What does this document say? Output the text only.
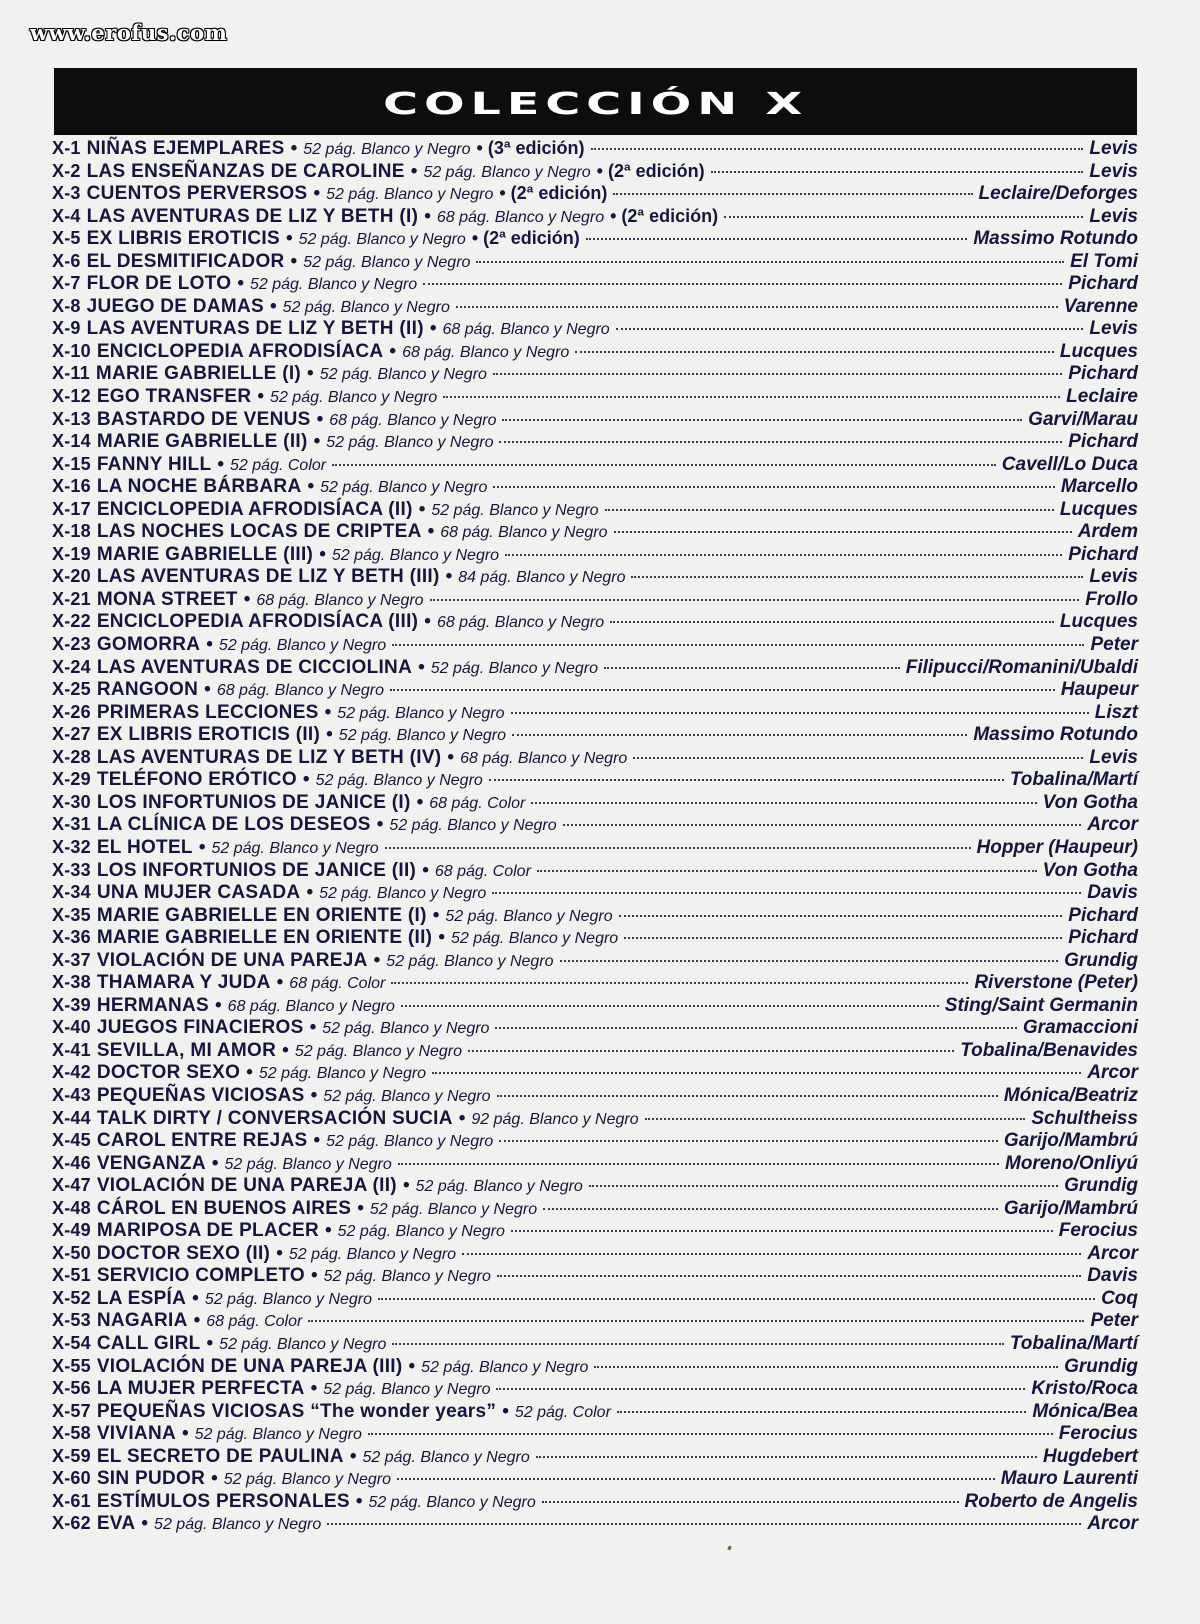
www.erofus.com
COLECCIÓN X
X-1 NIÑAS EJEMPLARES • 52 pág. Blanco y Negro • (3ª edición)	Levis
X-2 LAS ENSEÑANZAS DE CAROLINE • 52 pág. Blanco y Negro • (2ª edición)	Levis
X-3 CUENTOS PERVERSOS • 52 pág. Blanco y Negro • (2ª edición)	Leclaire/Deforges
X-4 LAS AVENTURAS DE LIZ Y BETH (I) • 68 pág. Blanco y Negro • (2ª edición)	Levis
X-5 EX LIBRIS EROTICIS • 52 pág. Blanco y Negro • (2ª edición)	Massimo Rotundo
X-6 EL DESMITIFICADOR • 52 pág. Blanco y Negro	El Tomi
X-7 FLOR DE LOTO • 52 pág. Blanco y Negro	Pichard
X-8 JUEGO DE DAMAS • 52 pág. Blanco y Negro	Varenne
X-9 LAS AVENTURAS DE LIZ Y BETH (II) • 68 pág. Blanco y Negro	Levis
X-10 ENCICLOPEDIA AFRODISÍACA • 68 pág. Blanco y Negro	Lucques
X-11 MARIE GABRIELLE (I) • 52 pág. Blanco y Negro	Pichard
X-12 EGO TRANSFER • 52 pág. Blanco y Negro	Leclaire
X-13 BASTARDO DE VENUS • 68 pág. Blanco y Negro	Garvi/Marau
X-14 MARIE GABRIELLE (II) • 52 pág. Blanco y Negro	Pichard
X-15 FANNY HILL • 52 pág. Color	Cavell/Lo Duca
X-16 LA NOCHE BÁRBARA • 52 pág. Blanco y Negro	Marcello
X-17 ENCICLOPEDIA AFRODISÍACA (II) • 52 pág. Blanco y Negro	Lucques
X-18 LAS NOCHES LOCAS DE CRIPTEA • 68 pág. Blanco y Negro	Ardem
X-19 MARIE GABRIELLE (III) • 52 pág. Blanco y Negro	Pichard
X-20 LAS AVENTURAS DE LIZ Y BETH (III) • 84 pág. Blanco y Negro	Levis
X-21 MONA STREET • 68 pág. Blanco y Negro	Frollo
X-22 ENCICLOPEDIA AFRODISÍACA (III) • 68 pág. Blanco y Negro	Lucques
X-23 GOMORRA • 52 pág. Blanco y Negro	Peter
X-24 LAS AVENTURAS DE CICCIOLINA • 52 pág. Blanco y Negro	Filipucci/Romanini/Ubaldi
X-25 RANGOON • 68 pág. Blanco y Negro	Haupeur
X-26 PRIMERAS LECCIONES • 52 pág. Blanco y Negro	Liszt
X-27 EX LIBRIS EROTICIS (II) • 52 pág. Blanco y Negro	Massimo Rotundo
X-28 LAS AVENTURAS DE LIZ Y BETH (IV) • 68 pág. Blanco y Negro	Levis
X-29 TELÉFONO ERÓTICO • 52 pág. Blanco y Negro	Tobalina/Martí
X-30 LOS INFORTUNIOS DE JANICE (I) • 68 pág. Color	Von Gotha
X-31 LA CLÍNICA DE LOS DESEOS • 52 pág. Blanco y Negro	Arcor
X-32 EL HOTEL • 52 pág. Blanco y Negro	Hopper (Haupeur)
X-33 LOS INFORTUNIOS DE JANICE (II) • 68 pág. Color	Von Gotha
X-34 UNA MUJER CASADA • 52 pág. Blanco y Negro	Davis
X-35 MARIE GABRIELLE EN ORIENTE (I) • 52 pág. Blanco y Negro	Pichard
X-36 MARIE GABRIELLE EN ORIENTE (II) • 52 pág. Blanco y Negro	Pichard
X-37 VIOLACIÓN DE UNA PAREJA • 52 pág. Blanco y Negro	Grundig
X-38 THAMARA Y JUDA • 68 pág. Color	Riverstone (Peter)
X-39 HERMANAS • 68 pág. Blanco y Negro	Sting/Saint Germanin
X-40 JUEGOS FINACIEROS • 52 pág. Blanco y Negro	Gramaccioni
X-41 SEVILLA, MI AMOR • 52 pág. Blanco y Negro	Tobalina/Benavides
X-42 DOCTOR SEXO • 52 pág. Blanco y Negro	Arcor
X-43 PEQUEÑAS VICIOSAS • 52 pág. Blanco y Negro	Mónica/Beatriz
X-44 TALK DIRTY / CONVERSACIÓN SUCIA • 92 pág. Blanco y Negro	Schultheiss
X-45 CAROL ENTRE REJAS • 52 pág. Blanco y Negro	Garijo/Mambrú
X-46 VENGANZA • 52 pág. Blanco y Negro	Moreno/Onliyú
X-47 VIOLACIÓN DE UNA PAREJA (II) • 52 pág. Blanco y Negro	Grundig
X-48 CÁROL EN BUENOS AIRES • 52 pág. Blanco y Negro	Garijo/Mambrú
X-49 MARIPOSA DE PLACER • 52 pág. Blanco y Negro	Ferocius
X-50 DOCTOR SEXO (II) • 52 pág. Blanco y Negro	Arcor
X-51 SERVICIO COMPLETO • 52 pág. Blanco y Negro	Davis
X-52 LA ESPÍA • 52 pág. Blanco y Negro	Coq
X-53 NAGARIA • 68 pág. Color	Peter
X-54 CALL GIRL • 52 pág. Blanco y Negro	Tobalina/Martí
X-55 VIOLACIÓN DE UNA PAREJA (III) • 52 pág. Blanco y Negro	Grundig
X-56 LA MUJER PERFECTA • 52 pág. Blanco y Negro	Kristo/Roca
X-57 PEQUEÑAS VICIOSAS “The wonder years” • 52 pág. Color	Mónica/Bea
X-58 VIVIANA • 52 pág. Blanco y Negro	Ferocius
X-59 EL SECRETO DE PAULINA • 52 pág. Blanco y Negro	Hugdebert
X-60 SIN PUDOR • 52 pág. Blanco y Negro	Mauro Laurenti
X-61 ESTÍMULOS PERSONALES • 52 pág. Blanco y Negro	Roberto de Angelis
X-62 EVA • 52 pág. Blanco y Negro	Arcor
